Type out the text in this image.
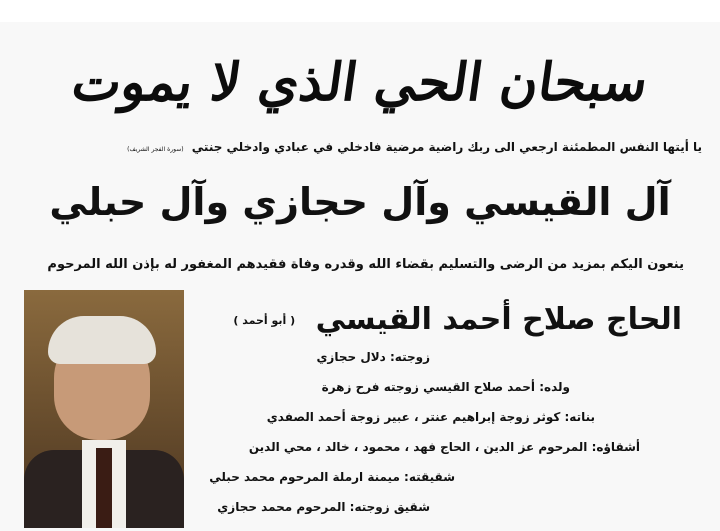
سبحان الحي الذي لا يموت
يا أيتها النفس المطمئنة ارجعي الى ربك راضية مرضية فادخلي في عبادي وادخلي جنتي (سورة الفجر الشريف)
آل القيسي وآل حجازي وآل حبلي
ينعون اليكم بمزيد من الرضى والتسليم بقضاء الله وقدره وفاة فقيدهم المغفور له بإذن الله المرحوم
الحاج صلاح أحمد القيسي ( أبو أحمد )
زوجته: دلال حجازي
ولده: أحمد صلاح القيسي زوجته فرح زهرة
بناته: كوثر زوجة إبراهيم عنتر ، عبير زوجة أحمد الصفدي
أشقاؤه: المرحوم عز الدين ، الحاج فهد ، محمود ، خالد ، محي الدين
شقيقته: ميمنة ارملة المرحوم محمد حبلي
شقيق زوجته: المرحوم محمد حجازي
